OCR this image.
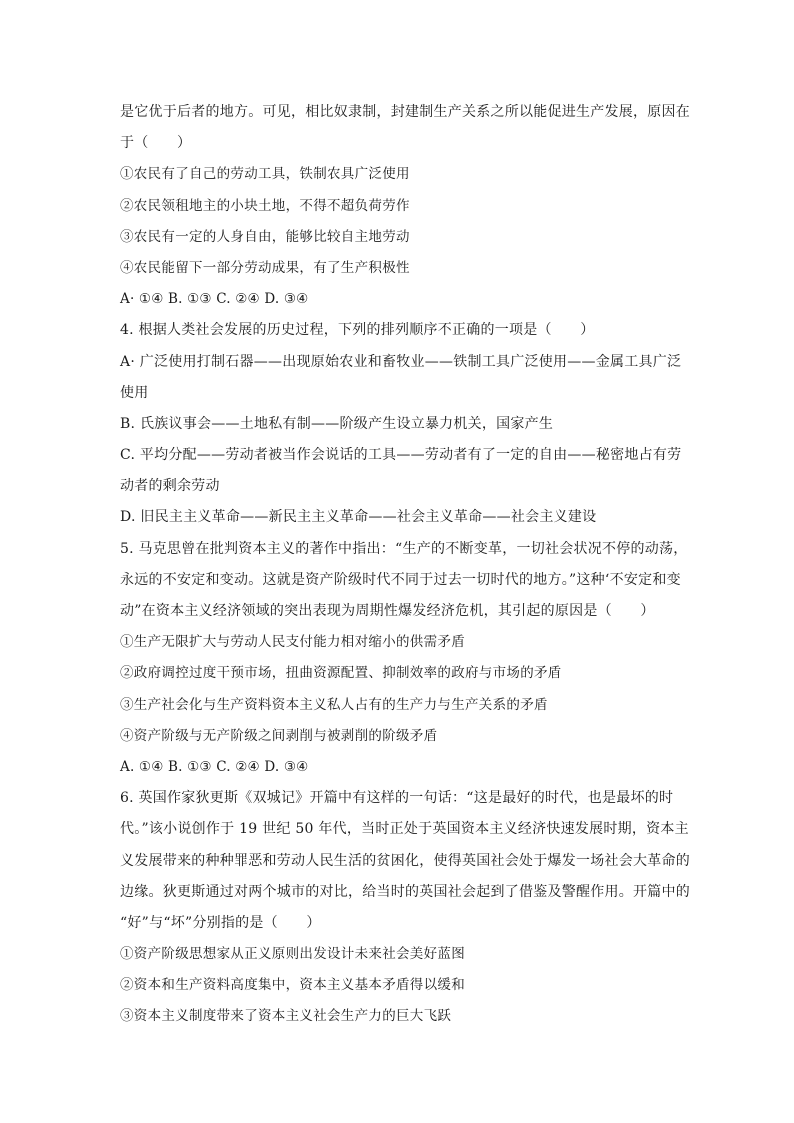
是它优于后者的地方。可见，相比奴隶制，封建制生产关系之所以能促进生产发展，原因在
于（　　）
①农民有了自己的劳动工具，铁制农具广泛使用
②农民领租地主的小块土地，不得不超负荷劳作
③农民有一定的人身自由，能够比较自主地劳动
④农民能留下一部分劳动成果，有了生产积极性
A· ①④ B. ①③ C. ②④ D. ③④
4. 根据人类社会发展的历史过程，下列的排列顺序不正确的一项是（　　）
A· 广泛使用打制石器——出现原始农业和畜牧业——铁制工具广泛使用——金属工具广泛
使用
B. 氏族议事会——土地私有制——阶级产生设立暴力机关，国家产生
C. 平均分配——劳动者被当作会说话的工具——劳动者有了一定的自由——秘密地占有劳
动者的剩余劳动
D. 旧民主主义革命——新民主主义革命——社会主义革命——社会主义建设
5. 马克思曾在批判资本主义的著作中指出：“生产的不断变革，一切社会状况不停的动荡，
永远的不安定和变动。这就是资产阶级时代不同于过去一切时代的地方。”这种‘不安定和变
动”在资本主义经济领域的突出表现为周期性爆发经济危机，其引起的原因是（　　）
①生产无限扩大与劳动人民支付能力相对缩小的供需矛盾
②政府调控过度干预市场，扭曲资源配置、抑制效率的政府与市场的矛盾
③生产社会化与生产资料资本主义私人占有的生产力与生产关系的矛盾
④资产阶级与无产阶级之间剥削与被剥削的阶级矛盾
A. ①④ B. ①③ C. ②④ D. ③④
6. 英国作家狄更斯《双城记》开篇中有这样的一句话：“这是最好的时代，也是最坏的时
代。”该小说创作于 19 世纪 50 年代，当时正处于英国资本主义经济快速发展时期，资本主
义发展带来的种种罪恶和劳动人民生活的贫困化，使得英国社会处于爆发一场社会大革命的
边缘。狄更斯通过对两个城市的对比，给当时的英国社会起到了借鉴及警醒作用。开篇中的
“好”与“坏”分别指的是（　　）
①资产阶级思想家从正义原则出发设计未来社会美好蓝图
②资本和生产资料高度集中，资本主义基本矛盾得以缓和
③资本主义制度带来了资本主义社会生产力的巨大飞跃
